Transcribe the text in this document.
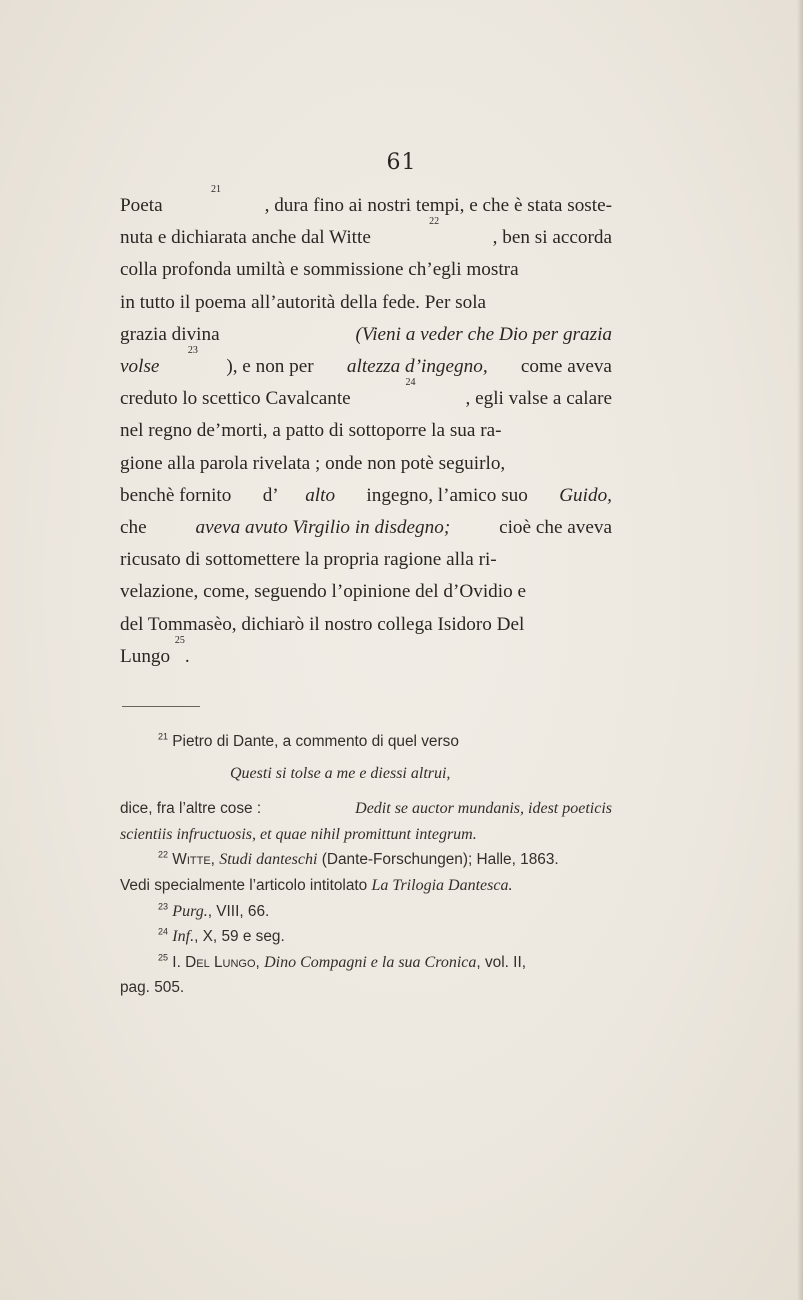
61
Poeta
21
, dura fino ai nostri tempi, e che è stata soste-
nuta e dichiarata anche dal Witte
22
, ben si accorda
colla profonda umiltà e sommissione ch’egli mostra
in tutto il poema all’autorità della fede. Per sola
grazia divina	(Vieni a veder che Dio per grazia
volse
23
), e non per altezza d’ingegno, come aveva
creduto lo scettico Cavalcante
24
, egli valse a calare
nel regno de’morti, a patto di sottoporre la sua ra-
gione alla parola rivelata ; onde non potè seguirlo,
benchè fornito d’ alto ingegno, l’amico suo Guido,
che aveva avuto Virgilio in disdegno; cioè che aveva
ricusato di sottomettere la propria ragione alla ri-
velazione, come, seguendo l’opinione del d’Ovidio e
del Tommasèo, dichiarò il nostro collega Isidoro Del
Lungo
25
.
$^{21}$ Pietro di Dante, a commento di quel verso
Questi si tolse a me e diessi altrui,
dice, fra l’altre cose :	Dedit se auctor mundanis, idest poeticis
scientiis infructuosis, et quae nihil promittunt integrum.
$^{22}$ Witte, Studi danteschi (Dante-Forschungen); Halle, 1863.
Vedi specialmente l’articolo intitolato La Trilogia Dantesca.
$^{23}$ Purg., VIII, 66.
$^{24}$ Inf., X, 59 e seg.
$^{25}$ I. Del Lungo, Dino Compagni e la sua Cronica, vol. II,
pag. 505.
